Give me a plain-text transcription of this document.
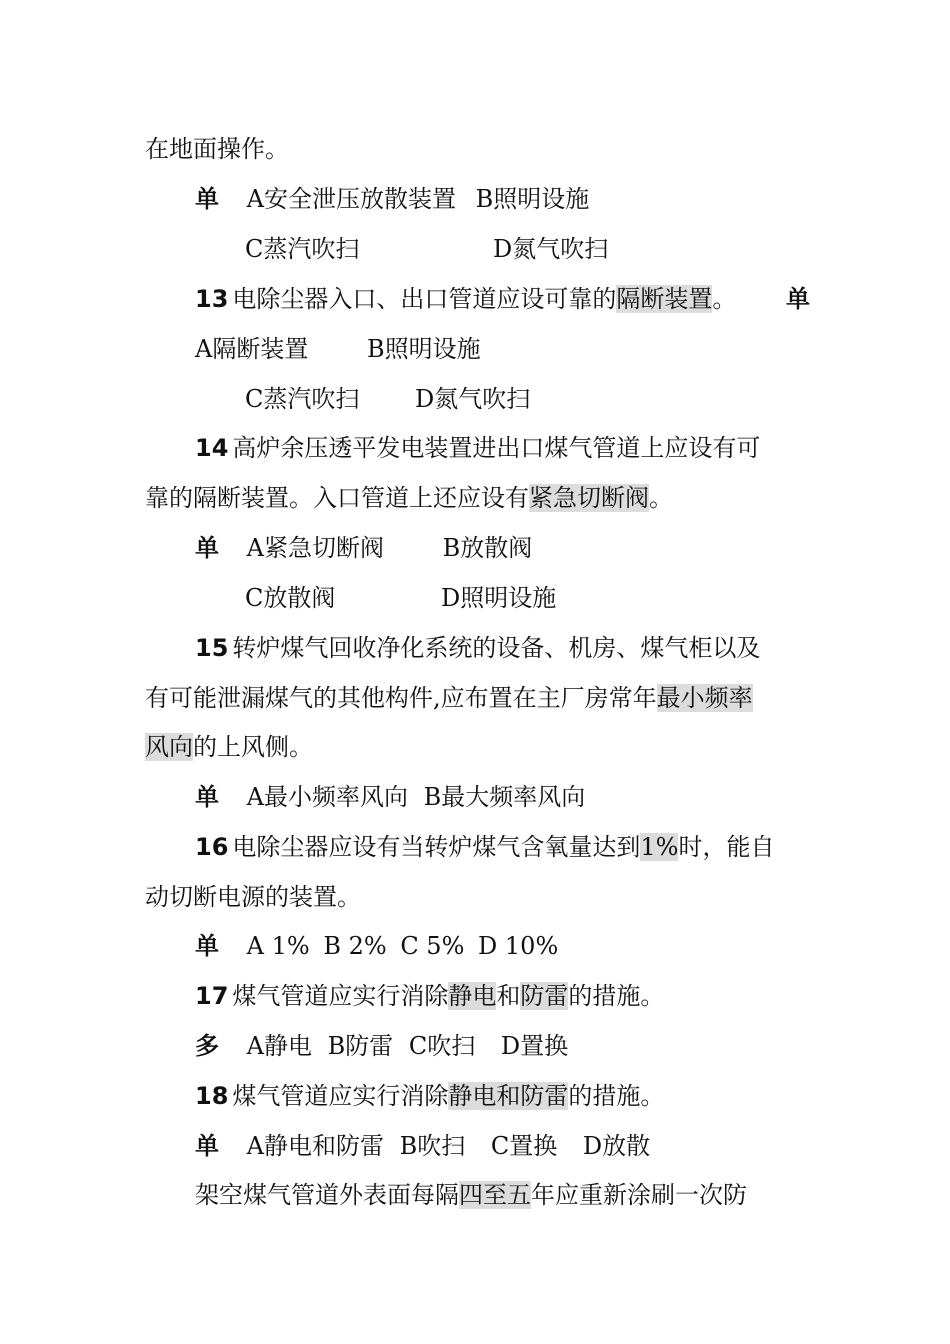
在地面操作。
单 A安全泄压放散装置 B照明设施
C蒸汽吹扫	D氮气吹扫
13 电除尘器入口、出口管道应设可靠的隔断装置。 单
A隔断装置 B照明设施
C蒸汽吹扫 D氮气吹扫
14 高炉余压透平发电装置进出口煤气管道上应设有可
靠的隔断装置。入口管道上还应设有紧急切断阀。
单 A紧急切断阀 B放散阀
C放散阀	D照明设施
15 转炉煤气回收净化系统的设备、机房、煤气柜以及
有可能泄漏煤气的其他构件,应布置在主厂房常年最小频率
风向的上风侧。
单 A最小频率风向 B最大频率风向
16 电除尘器应设有当转炉煤气含氧量达到1%时，能自
动切断电源的装置。
单 A 1% B 2% C 5% D 10%
17 煤气管道应实行消除静电和防雷的措施。
多 A静电 B防雷 C吹扫 D置换
18 煤气管道应实行消除静电和防雷的措施。
单 A静电和防雷 B吹扫 C置换 D放散
架空煤气管道外表面每隔四至五年应重新涂刷一次防
